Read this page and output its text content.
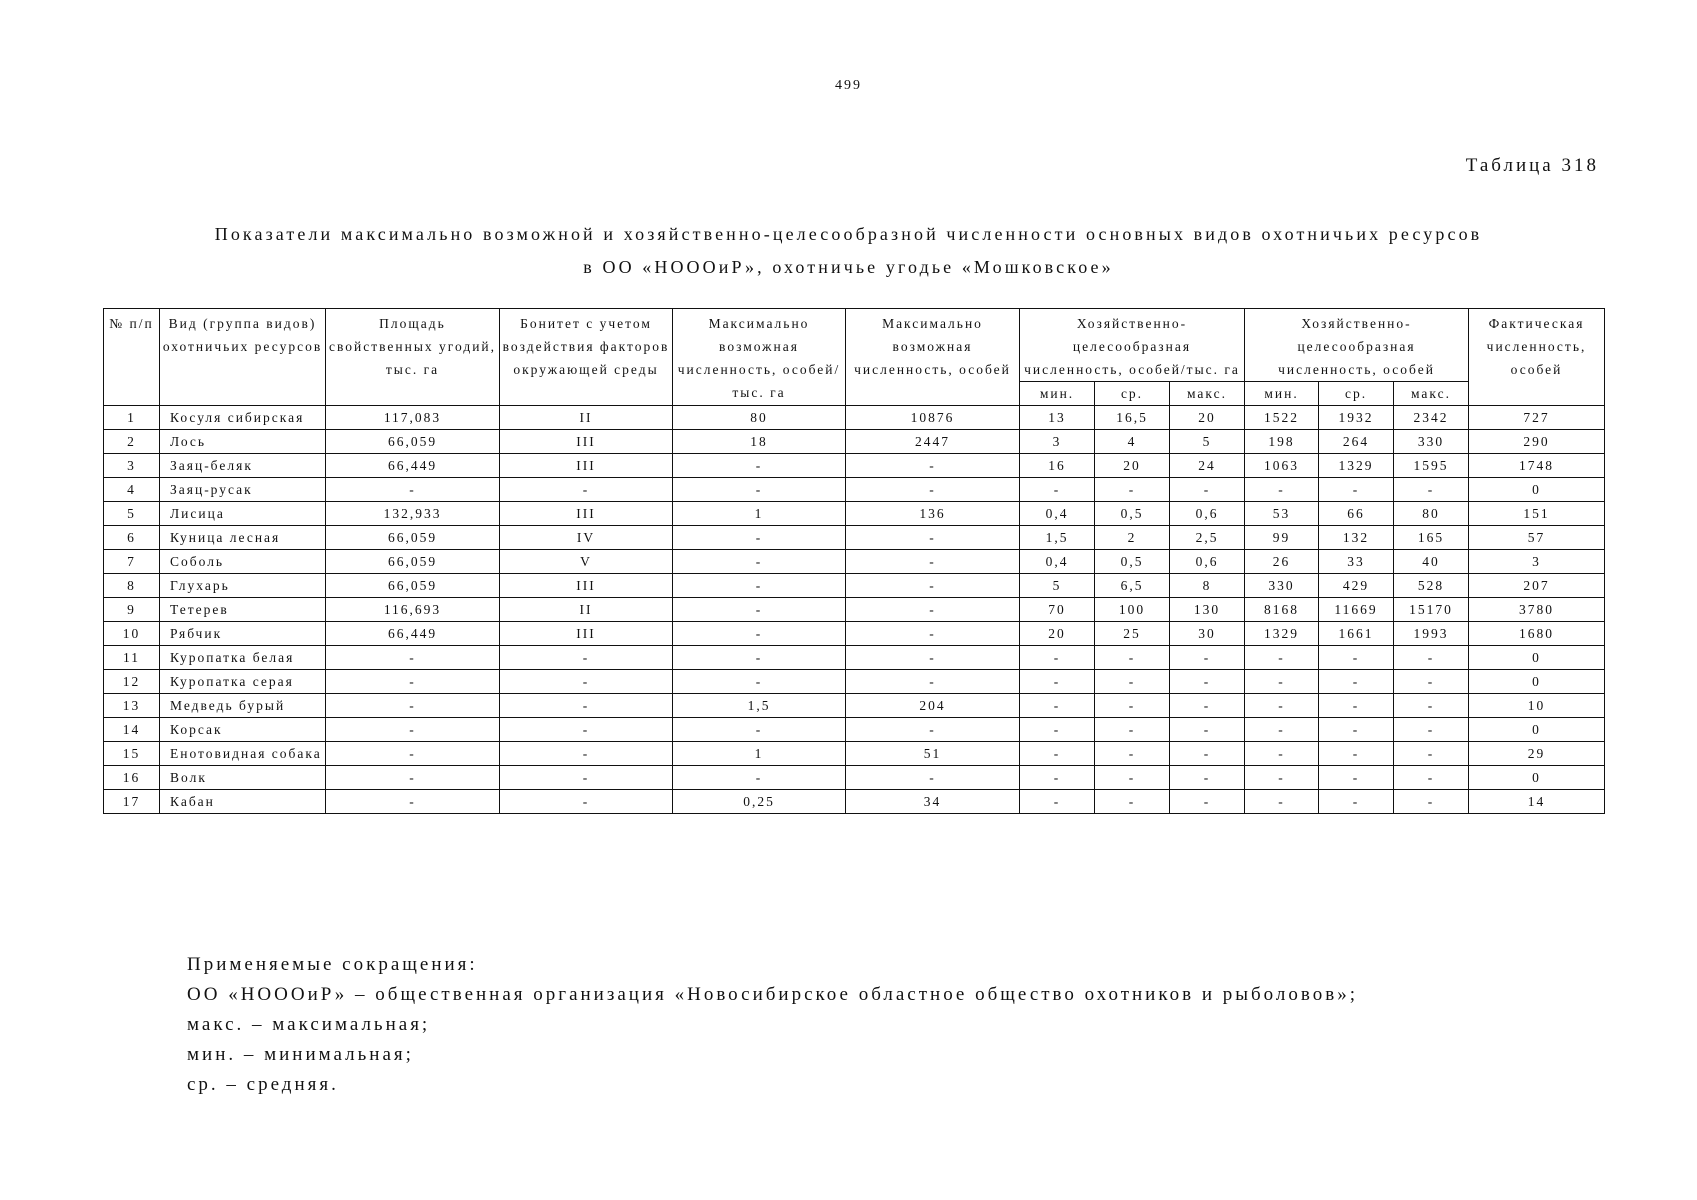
499
Таблица 318
Показатели максимально возможной и хозяйственно-целесообразной численности основных видов охотничьих ресурсов
в ОО «НОООиР», охотничье угодье «Мошковское»
№ п/п	Вид (группа видов) охотничьих ресурсов	Площадь свойственных угодий, тыс. га	Бонитет с учетом воздействия факторов окружающей среды	Максимально возможная численность, особей/тыс. га	Максимально возможная численность, особей	Хозяйственно-целесообразная численность, особей/тыс. га			Хозяйственно-целесообразная численность, особей			Фактическая численность, особей
						мин.	ср.	макс.	мин.	ср.	макс.	
1	Косуля сибирская	117,083	II	80	10876	13	16,5	20	1522	1932	2342	727
2	Лось	66,059	III	18	2447	3	4	5	198	264	330	290
3	Заяц-беляк	66,449	III	-	-	16	20	24	1063	1329	1595	1748
4	Заяц-русак	-	-	-	-	-	-	-	-	-	-	0
5	Лисица	132,933	III	1	136	0,4	0,5	0,6	53	66	80	151
6	Куница лесная	66,059	IV	-	-	1,5	2	2,5	99	132	165	57
7	Соболь	66,059	V	-	-	0,4	0,5	0,6	26	33	40	3
8	Глухарь	66,059	III	-	-	5	6,5	8	330	429	528	207
9	Тетерев	116,693	II	-	-	70	100	130	8168	11669	15170	3780
10	Рябчик	66,449	III	-	-	20	25	30	1329	1661	1993	1680
11	Куропатка белая	-	-	-	-	-	-	-	-	-	-	0
12	Куропатка серая	-	-	-	-	-	-	-	-	-	-	0
13	Медведь бурый	-	-	1,5	204	-	-	-	-	-	-	10
14	Корсак	-	-	-	-	-	-	-	-	-	-	0
15	Енотовидная собака	-	-	1	51	-	-	-	-	-	-	29
16	Волк	-	-	-	-	-	-	-	-	-	-	0
17	Кабан	-	-	0,25	34	-	-	-	-	-	-	14
Применяемые сокращения:
ОО «НОООиР» – общественная организация «Новосибирское областное общество охотников и рыболовов»;
макс. – максимальная;
мин. – минимальная;
ср. – средняя.
